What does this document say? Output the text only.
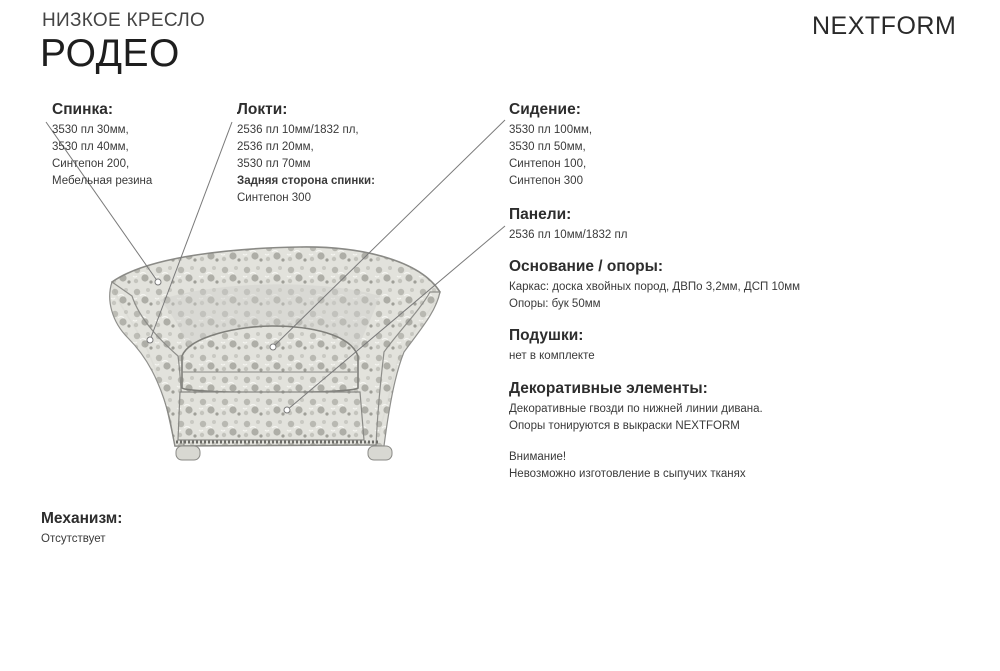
НИЗКОЕ КРЕСЛО
РОДЕО
NEXTFORM
Спинка:
3530 пл 30мм,
3530 пл 40мм,
Синтепон 200,
Мебельная резина
Локти:
2536 пл 10мм/1832 пл,
2536 пл 20мм,
3530 пл 70мм
Задняя сторона спинки:
Синтепон 300
Сидение:
3530 пл 100мм,
3530 пл 50мм,
Синтепон 100,
Синтепон 300
Панели:
2536 пл 10мм/1832 пл
Основание / опоры:
Каркас: доска хвойных пород, ДВПо 3,2мм, ДСП 10мм
Опоры: бук 50мм
Подушки:
нет в комплекте
Декоративные элементы:
Декоративные гвозди по нижней линии дивана.
Опоры тонируются в выкраски NEXTFORM
Внимание!
Невозможно изготовление в сыпучих тканях
Механизм:
Отсутствует
